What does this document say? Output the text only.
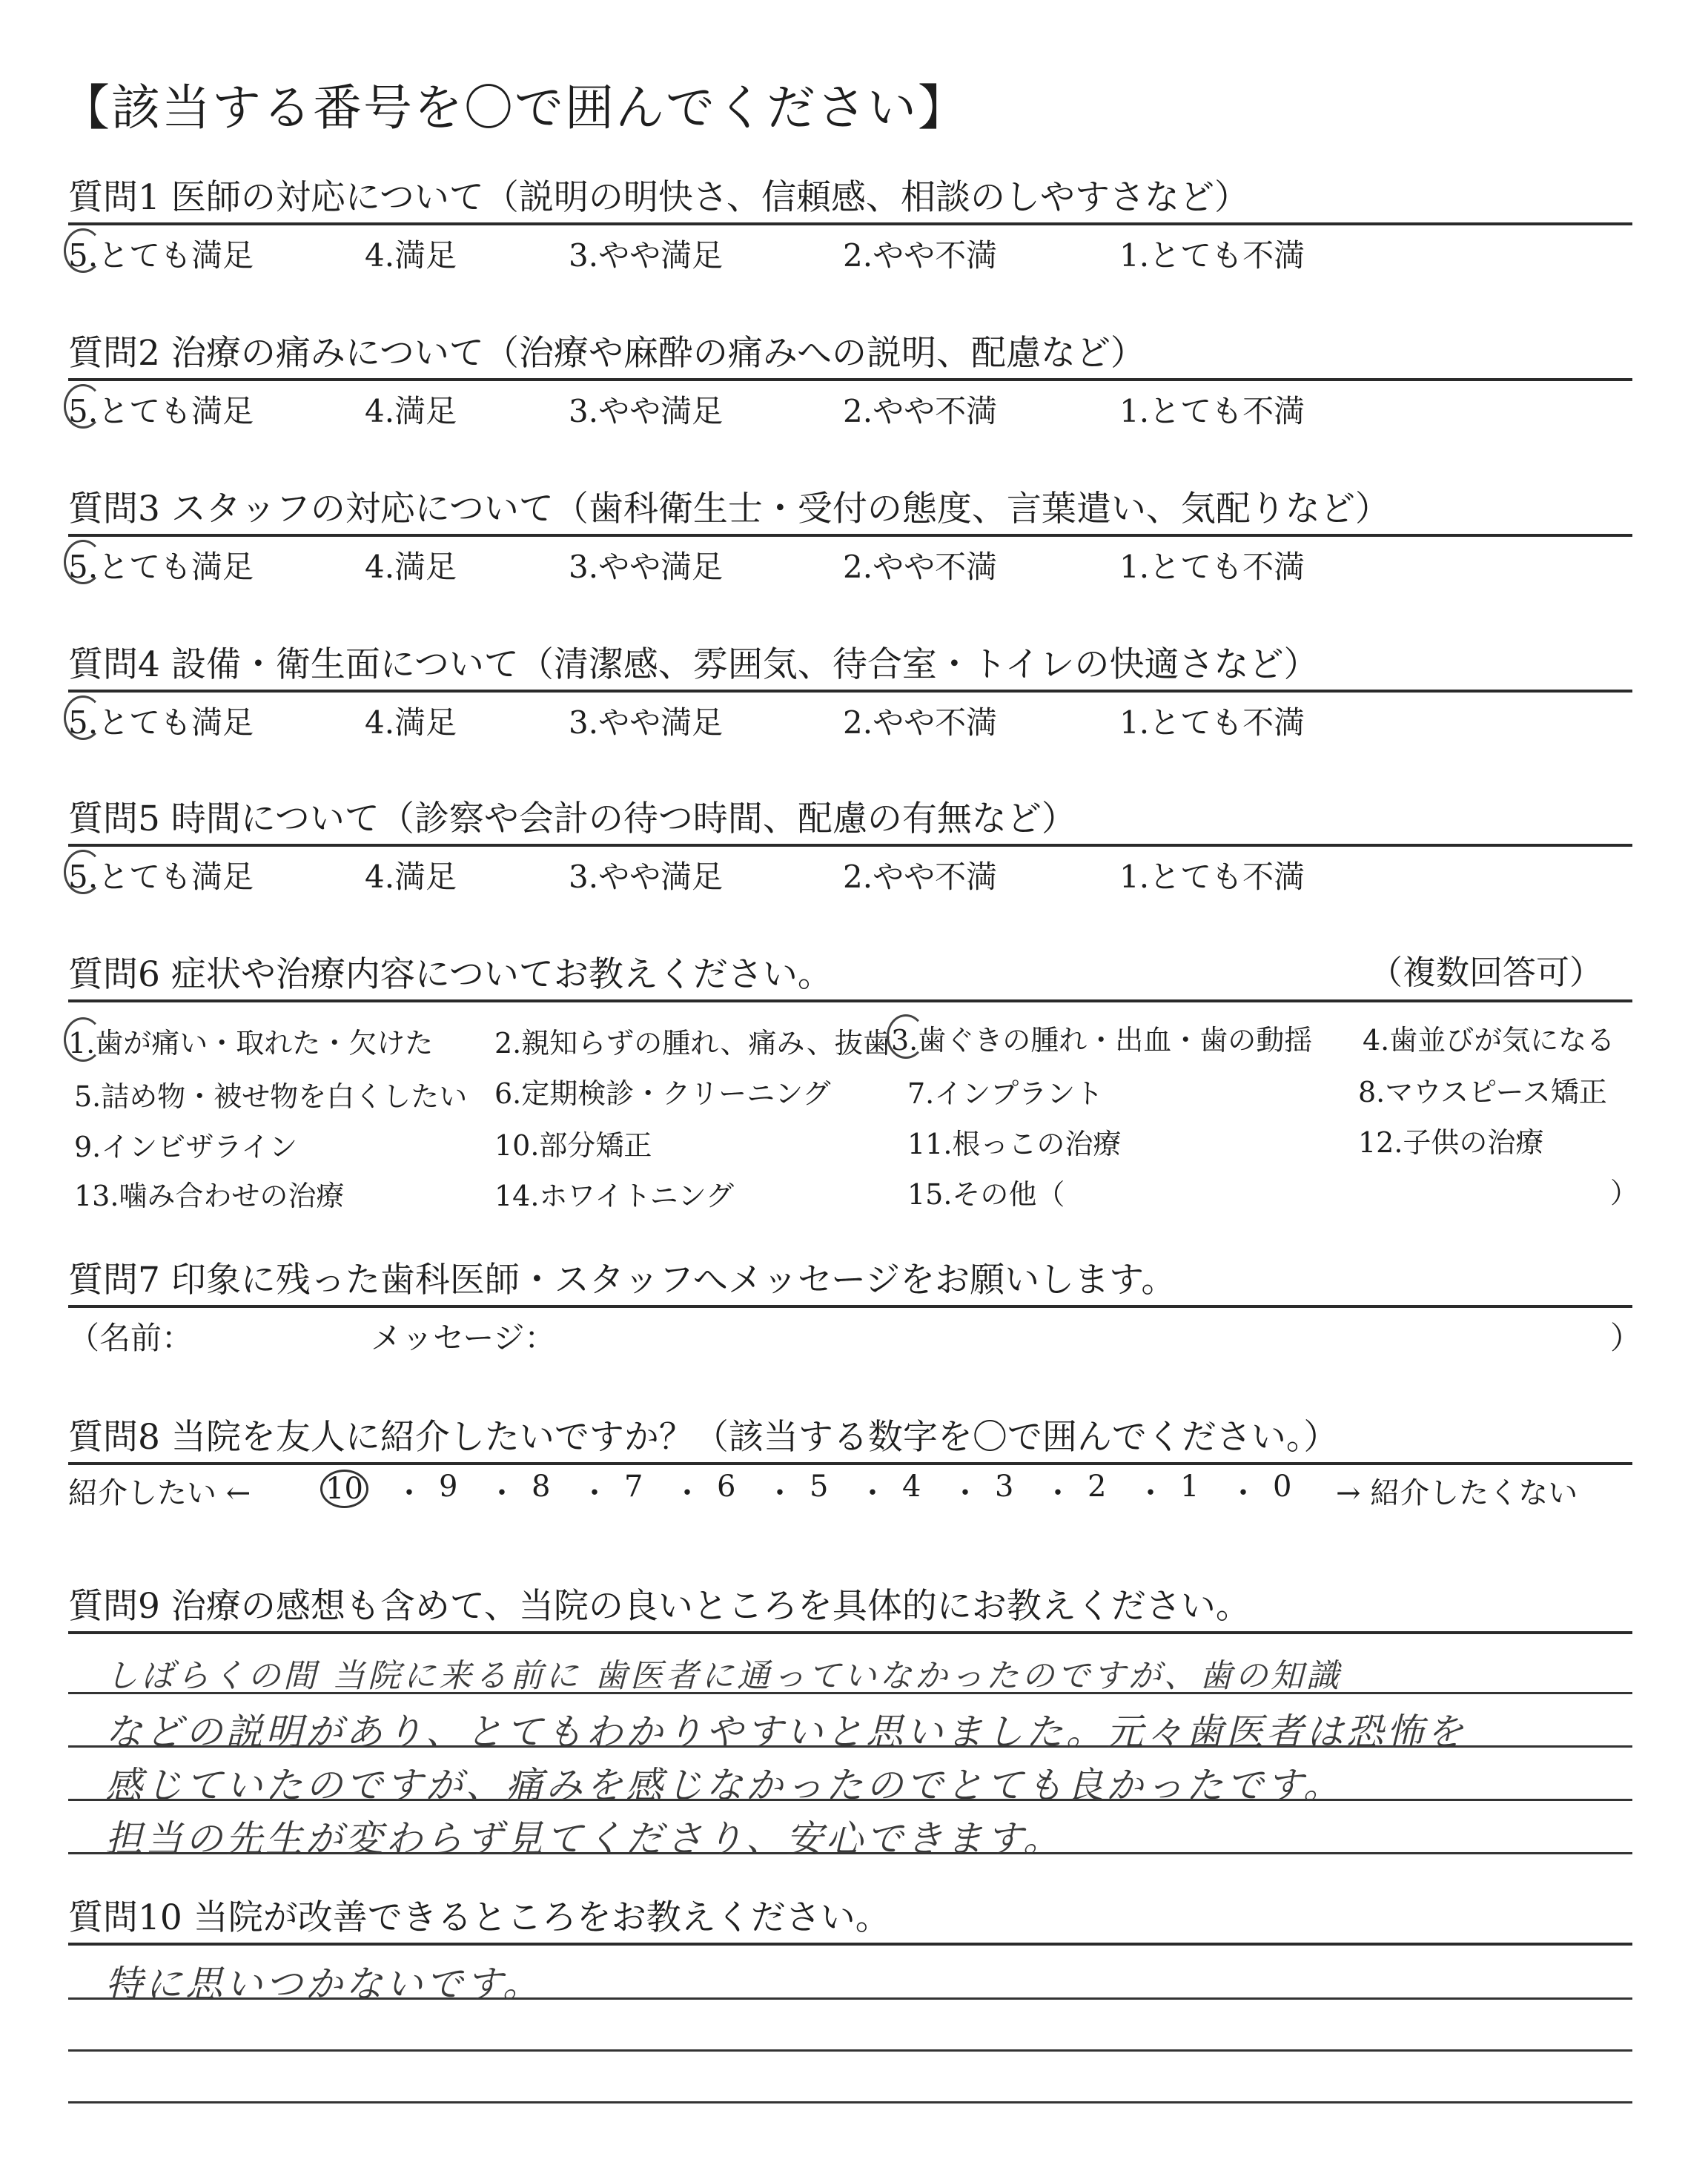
【該当する番号を〇で囲んでください】
質問1 医師の対応について（説明の明快さ、信頼感、相談のしやすさなど）
5.とても満足	4.満足	3.やや満足	2.やや不満	1.とても不満
質問2 治療の痛みについて（治療や麻酔の痛みへの説明、配慮など）
5.とても満足	4.満足	3.やや満足	2.やや不満	1.とても不満
質問3 スタッフの対応について（歯科衛生士・受付の態度、言葉遣い、気配りなど）
5.とても満足	4.満足	3.やや満足	2.やや不満	1.とても不満
質問4 設備・衛生面について（清潔感、雰囲気、待合室・トイレの快適さなど）
5.とても満足	4.満足	3.やや満足	2.やや不満	1.とても不満
質問5 時間について（診察や会計の待つ時間、配慮の有無など）
5.とても満足	4.満足	3.やや満足	2.やや不満	1.とても不満
質問6 症状や治療内容についてお教えください。	（複数回答可）
1.歯が痛い・取れた・欠けた 2.親知らずの腫れ、痛み、抜歯 3.歯ぐきの腫れ・出血・歯の動揺 4.歯並びが気になる
5.詰め物・被せ物を白くしたい 6.定期検診・クリーニング	7.インプラント	8.マウスピース矯正
9.インビザライン	10.部分矯正	11.根っこの治療	12.子供の治療
13.噛み合わせの治療	14.ホワイトニング	15.その他（	）
質問7 印象に残った歯科医師・スタッフへメッセージをお願いします。
（名前：	メッセージ：	）
質問8 当院を友人に紹介したいですか？（該当する数字を〇で囲んでください。）
紹介したい ←	10 ・ 9 ・ 8 ・ 7 ・ 6 ・ 5 ・ 4 ・ 3 ・ 2 ・ 1 ・ 0 → 紹介したくない
質問9 治療の感想も含めて、当院の良いところを具体的にお教えください。
しばらくの間 当院に来る前に 歯医者に通っていなかったのですが、歯の知識
などの説明があり、とてもわかりやすいと思いました。元々歯医者は恐怖を
感じていたのですが、痛みを感じなかったのでとても良かったです。
担当の先生が変わらず見てくださり、安心できます。
質問10 当院が改善できるところをお教えください。
特に思いつかないです。
